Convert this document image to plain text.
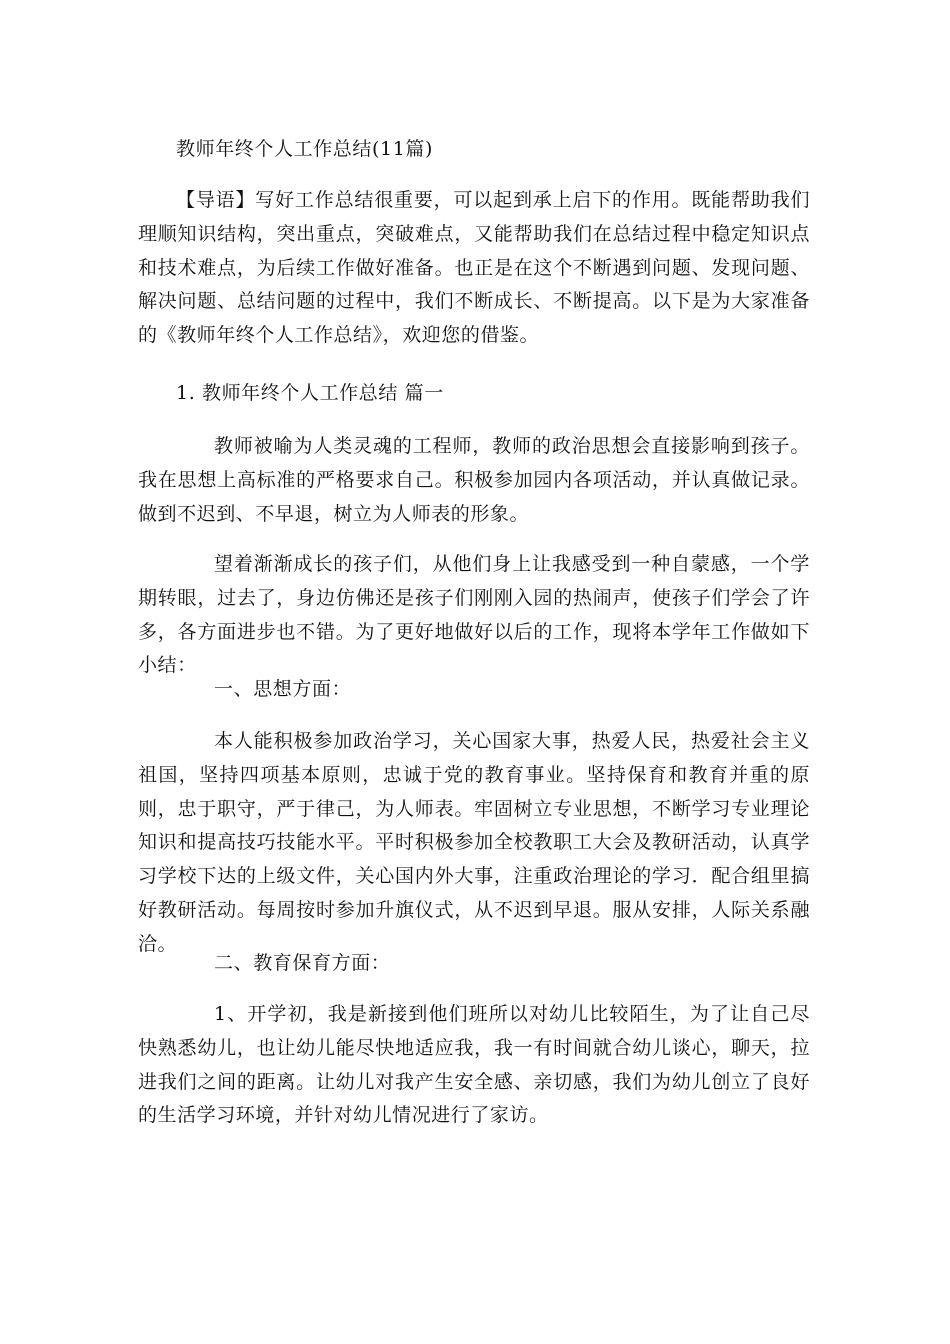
教师年终个人工作总结(11篇)
【导语】写好工作总结很重要，可以起到承上启下的作用。既能帮助我们理顺知识结构，突出重点，突破难点，又能帮助我们在总结过程中稳定知识点和技术难点，为后续工作做好准备。也正是在这个不断遇到问题、发现问题、解决问题、总结问题的过程中，我们不断成长、不断提高。以下是为大家准备的《教师年终个人工作总结》，欢迎您的借鉴。
1. 教师年终个人工作总结 篇一
教师被喻为人类灵魂的工程师，教师的政治思想会直接影响到孩子。我在思想上高标准的严格要求自己。积极参加园内各项活动，并认真做记录。做到不迟到、不早退，树立为人师表的形象。
望着渐渐成长的孩子们，从他们身上让我感受到一种自蒙感，一个学期转眼，过去了，身边仿佛还是孩子们刚刚入园的热闹声，使孩子们学会了许多，各方面进步也不错。为了更好地做好以后的工作，现将本学年工作做如下小结：
一、思想方面：
本人能积极参加政治学习，关心国家大事，热爱人民，热爱社会主义祖国，坚持四项基本原则，忠诚于党的教育事业。坚持保育和教育并重的原则，忠于职守，严于律己，为人师表。牢固树立专业思想，不断学习专业理论知识和提高技巧技能水平。平时积极参加全校教职工大会及教研活动，认真学习学校下达的上级文件，关心国内外大事，注重政治理论的学习．配合组里搞好教研活动。每周按时参加升旗仪式，从不迟到早退。服从安排，人际关系融洽。
二、教育保育方面：
1、开学初，我是新接到他们班所以对幼儿比较陌生，为了让自己尽快熟悉幼儿，也让幼儿能尽快地适应我，我一有时间就合幼儿谈心，聊天，拉进我们之间的距离。让幼儿对我产生安全感、亲切感，我们为幼儿创立了良好的生活学习环境，并针对幼儿情况进行了家访。
